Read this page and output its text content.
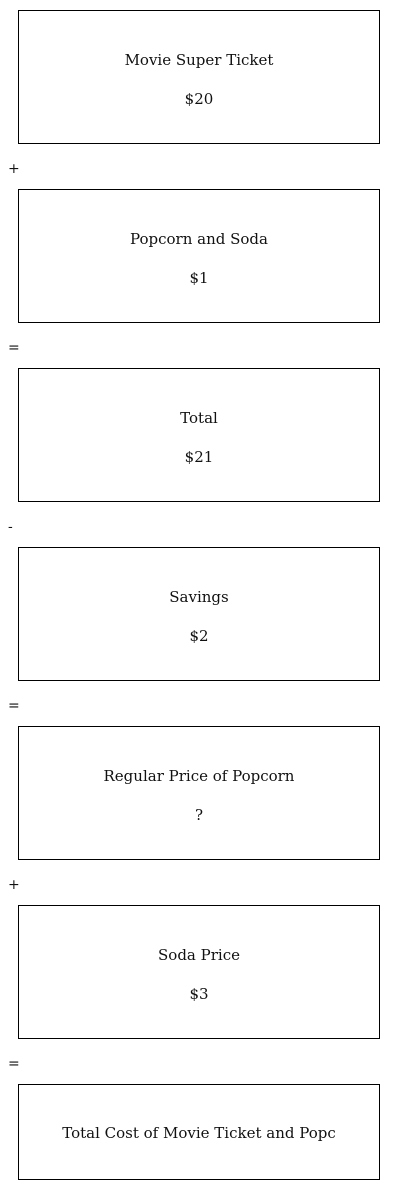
Movie Super Ticket
$20
+
Popcorn and Soda
$1
=
Total
$21
-
Savings
$2
=
Regular Price of Popcorn
?
+
Soda Price
$3
=
Total Cost of Movie Ticket and Popc
